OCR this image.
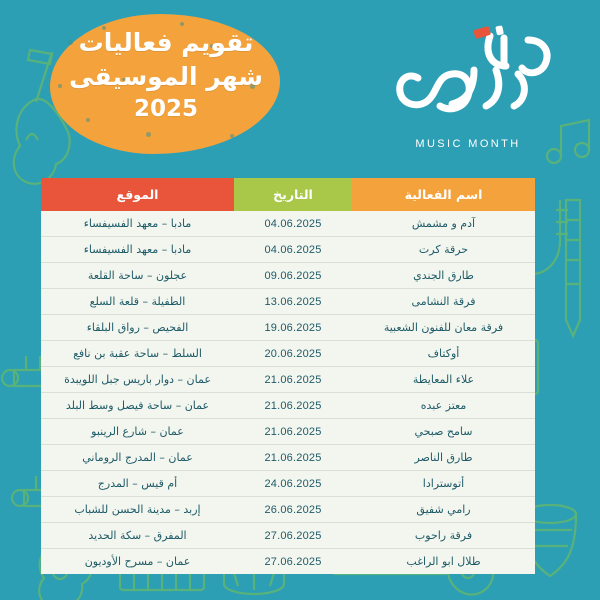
تقويم فعاليات
شهر الموسيقى
2025
MUSIC MONTH
اسم الفعالية	التاريخ	الموقع
آدم و مشمش	04.06.2025	مادبا – معهد الفسيفساء
حرقة كرت	04.06.2025	مادبا – معهد الفسيفساء
طارق الجندي	09.06.2025	عجلون – ساحة القلعة
فرقة النشامى	13.06.2025	الطفيلة – قلعة السلع
فرقة معان للفنون الشعبية	19.06.2025	الفحيص – رواق البلقاء
أوكتاف	20.06.2025	السلط – ساحة عقبة بن نافع
علاء المعايطة	21.06.2025	عمان – دوار باريس جبل اللويبدة
معتز عبده	21.06.2025	عمان – ساحة فيصل وسط البلد
سامح صبحي	21.06.2025	عمان – شارع الرينبو
طارق الناصر	21.06.2025	عمان – المدرج الروماني
أتوسترادا	24.06.2025	أم قيس – المدرج
رامي شفيق	26.06.2025	إربد – مدينة الحسن للشباب
فرقة راحوب	27.06.2025	المفرق – سكة الحديد
طلال ابو الراغب	27.06.2025	عمان – مسرح الأوديون
